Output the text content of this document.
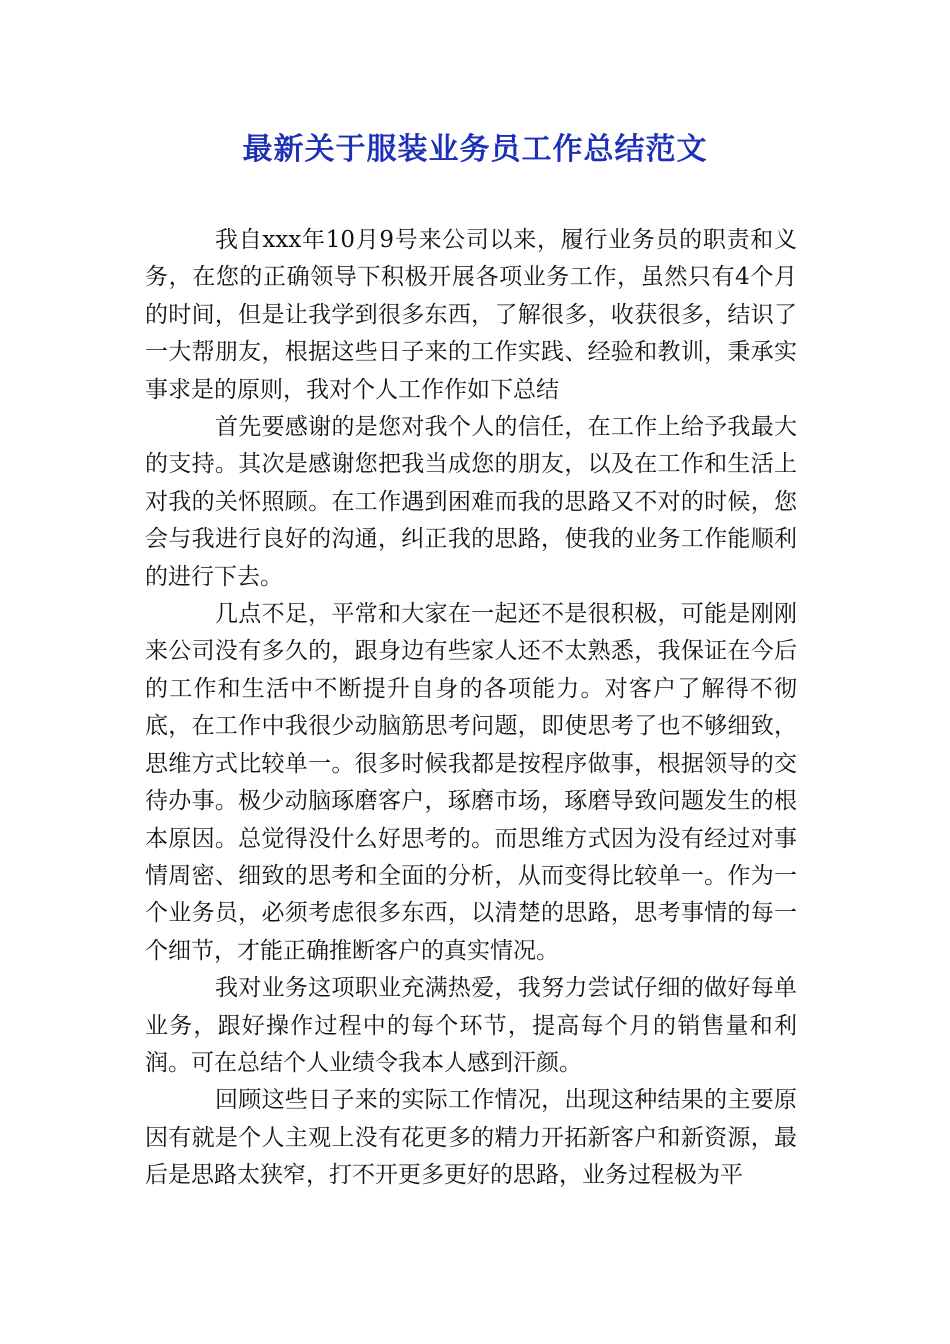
最新关于服装业务员工作总结范文

我自xxx年10月9号来公司以来，履行业务员的职责和义务，在您的正确领导下积极开展各项业务工作，虽然只有4个月的时间，但是让我学到很多东西，了解很多，收获很多，结识了一大帮朋友，根据这些日子来的工作实践、经验和教训，秉承实事求是的原则，我对个人工作作如下总结

首先要感谢的是您对我个人的信任，在工作上给予我最大的支持。其次是感谢您把我当成您的朋友，以及在工作和生活上对我的关怀照顾。在工作遇到困难而我的思路又不对的时候，您会与我进行良好的沟通，纠正我的思路，使我的业务工作能顺利的进行下去。

几点不足，平常和大家在一起还不是很积极，可能是刚刚来公司没有多久的，跟身边有些家人还不太熟悉，我保证在今后的工作和生活中不断提升自身的各项能力。对客户了解得不彻底，在工作中我很少动脑筋思考问题，即使思考了也不够细致，思维方式比较单一。很多时候我都是按程序做事，根据领导的交待办事。极少动脑琢磨客户，琢磨市场，琢磨导致问题发生的根本原因。总觉得没什么好思考的。而思维方式因为没有经过对事情周密、细致的思考和全面的分析，从而变得比较单一。作为一个业务员，必须考虑很多东西，以清楚的思路，思考事情的每一个细节，才能正确推断客户的真实情况。

我对业务这项职业充满热爱，我努力尝试仔细的做好每单业务，跟好操作过程中的每个环节，提高每个月的销售量和利润。可在总结个人业绩令我本人感到汗颜。

回顾这些日子来的实际工作情况，出现这种结果的主要原因有就是个人主观上没有花更多的精力开拓新客户和新资源，最后是思路太狭窄，打不开更多更好的思路，业务过程极为平
